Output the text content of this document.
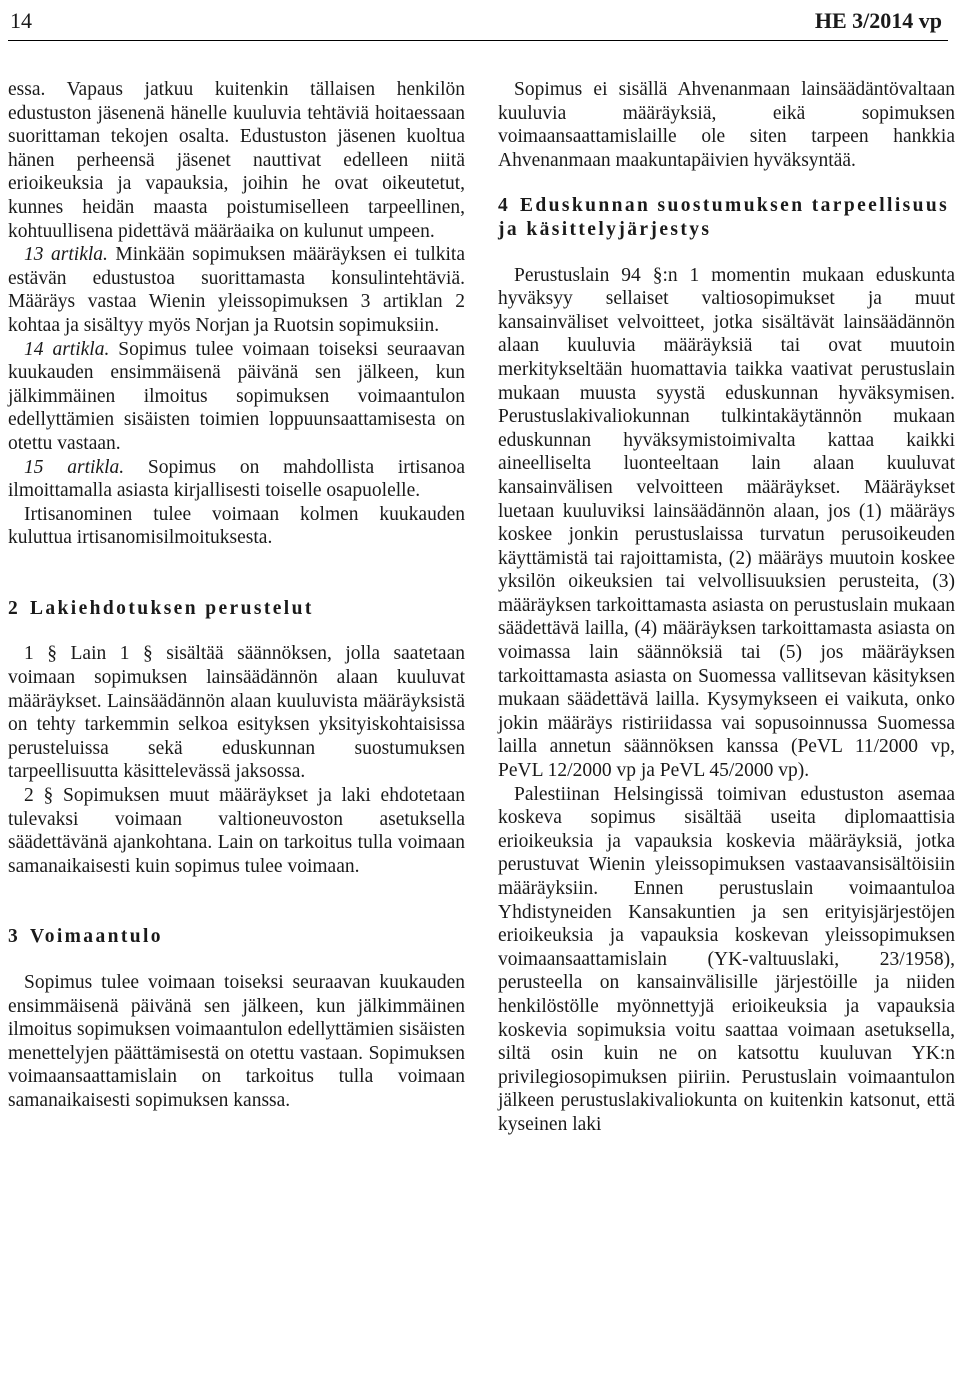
14	HE 3/2014 vp

essa. Vapaus jatkuu kuitenkin tällaisen henkilön edustuston jäsenenä hänelle kuuluvia tehtäviä hoitaessaan suorittaman tekojen osalta. Edustuston jäsenen kuoltua hänen perheensä jäsenet nauttivat edelleen niitä erioikeuksia ja vapauksia, joihin he ovat oikeutetut, kunnes heidän maasta poistumiselleen tarpeellinen, kohtuullisena pidettävä määräaika on kulunut umpeen.

13 artikla. Minkään sopimuksen määräyksen ei tulkita estävän edustustoa suorittamasta konsulintehtäviä. Määräys vastaa Wienin yleissopimuksen 3 artiklan 2 kohtaa ja sisältyy myös Norjan ja Ruotsin sopimuksiin.

14 artikla. Sopimus tulee voimaan toiseksi seuraavan kuukauden ensimmäisenä päivänä sen jälkeen, kun jälkimmäinen ilmoitus sopimuksen voimaantulon edellyttämien sisäisten toimien loppuunsaattamisesta on otettu vastaan.

15 artikla. Sopimus on mahdollista irtisanoa ilmoittamalla asiasta kirjallisesti toiselle osapuolelle.

Irtisanominen tulee voimaan kolmen kuukauden kuluttua irtisanomisilmoituksesta.

2 Lakiehdotuksen perustelut

1 § Lain 1 § sisältää säännöksen, jolla saatetaan voimaan sopimuksen lainsäädännön alaan kuuluvat määräykset. Lainsäädännön alaan kuuluvista määräyksistä on tehty tarkemmin selkoa esityksen yksityiskohtaisissa perusteluissa sekä eduskunnan suostumuksen tarpeellisuutta käsittelevässä jaksossa.

2 § Sopimuksen muut määräykset ja laki ehdotetaan tulevaksi voimaan valtioneuvoston asetuksella säädettävänä ajankohtana. Lain on tarkoitus tulla voimaan samanaikaisesti kuin sopimus tulee voimaan.

3 Voimaantulo

Sopimus tulee voimaan toiseksi seuraavan kuukauden ensimmäisenä päivänä sen jälkeen, kun jälkimmäinen ilmoitus sopimuksen voimaantulon edellyttämien sisäisten menettelyjen päättämisestä on otettu vastaan. Sopimuksen voimaansaattamislain on tarkoitus tulla voimaan samanaikaisesti sopimuksen kanssa.

Sopimus ei sisällä Ahvenanmaan lainsäädäntövaltaan kuuluvia määräyksiä, eikä sopimuksen voimaansaattamislaille ole siten tarpeen hankkia Ahvenanmaan maakuntapäivien hyväksyntää.

4 Eduskunnan suostumuksen tarpeellisuus ja käsittelyjärjestys

Perustuslain 94 §:n 1 momentin mukaan eduskunta hyväksyy sellaiset valtiosopimukset ja muut kansainväliset velvoitteet, jotka sisältävät lainsäädännön alaan kuuluvia määräyksiä tai ovat muutoin merkitykseltään huomattavia taikka vaativat perustuslain mukaan muusta syystä eduskunnan hyväksymisen. Perustuslakivaliokunnan tulkintakäytännön mukaan eduskunnan hyväksymistoimivalta kattaa kaikki aineelliselta luonteeltaan lain alaan kuuluvat kansainvälisen velvoitteen määräykset. Määräykset luetaan kuuluviksi lainsäädännön alaan, jos (1) määräys koskee jonkin perustuslaissa turvatun perusoikeuden käyttämistä tai rajoittamista, (2) määräys muutoin koskee yksilön oikeuksien tai velvollisuuksien perusteita, (3) määräyksen tarkoittamasta asiasta on perustuslain mukaan säädettävä lailla, (4) määräyksen tarkoittamasta asiasta on voimassa lain säännöksiä tai (5) jos määräyksen tarkoittamasta asiasta on Suomessa vallitsevan käsityksen mukaan säädettävä lailla. Kysymykseen ei vaikuta, onko jokin määräys ristiriidassa vai sopusoinnussa Suomessa lailla annetun säännöksen kanssa (PeVL 11/2000 vp, PeVL 12/2000 vp ja PeVL 45/2000 vp).

Palestiinan Helsingissä toimivan edustuston asemaa koskeva sopimus sisältää useita diplomaattisia erioikeuksia ja vapauksia koskevia määräyksiä, jotka perustuvat Wienin yleissopimuksen vastaavansisältöisiin määräyksiin. Ennen perustuslain voimaantuloa Yhdistyneiden Kansakuntien ja sen erityisjärjestöjen erioikeuksia ja vapauksia koskevan yleissopimuksen voimaansaattamislain (YK-valtuuslaki, 23/1958), perusteella on kansainvälisille järjestöille ja niiden henkilöstölle myönnettyjä erioikeuksia ja vapauksia koskevia sopimuksia voitu saattaa voimaan asetuksella, siltä osin kuin ne on katsottu kuuluvan YK:n privilegiosopimuksen piiriin. Perustuslain voimaantulon jälkeen perustuslakivaliokunta on kuitenkin katsonut, että kyseinen laki
